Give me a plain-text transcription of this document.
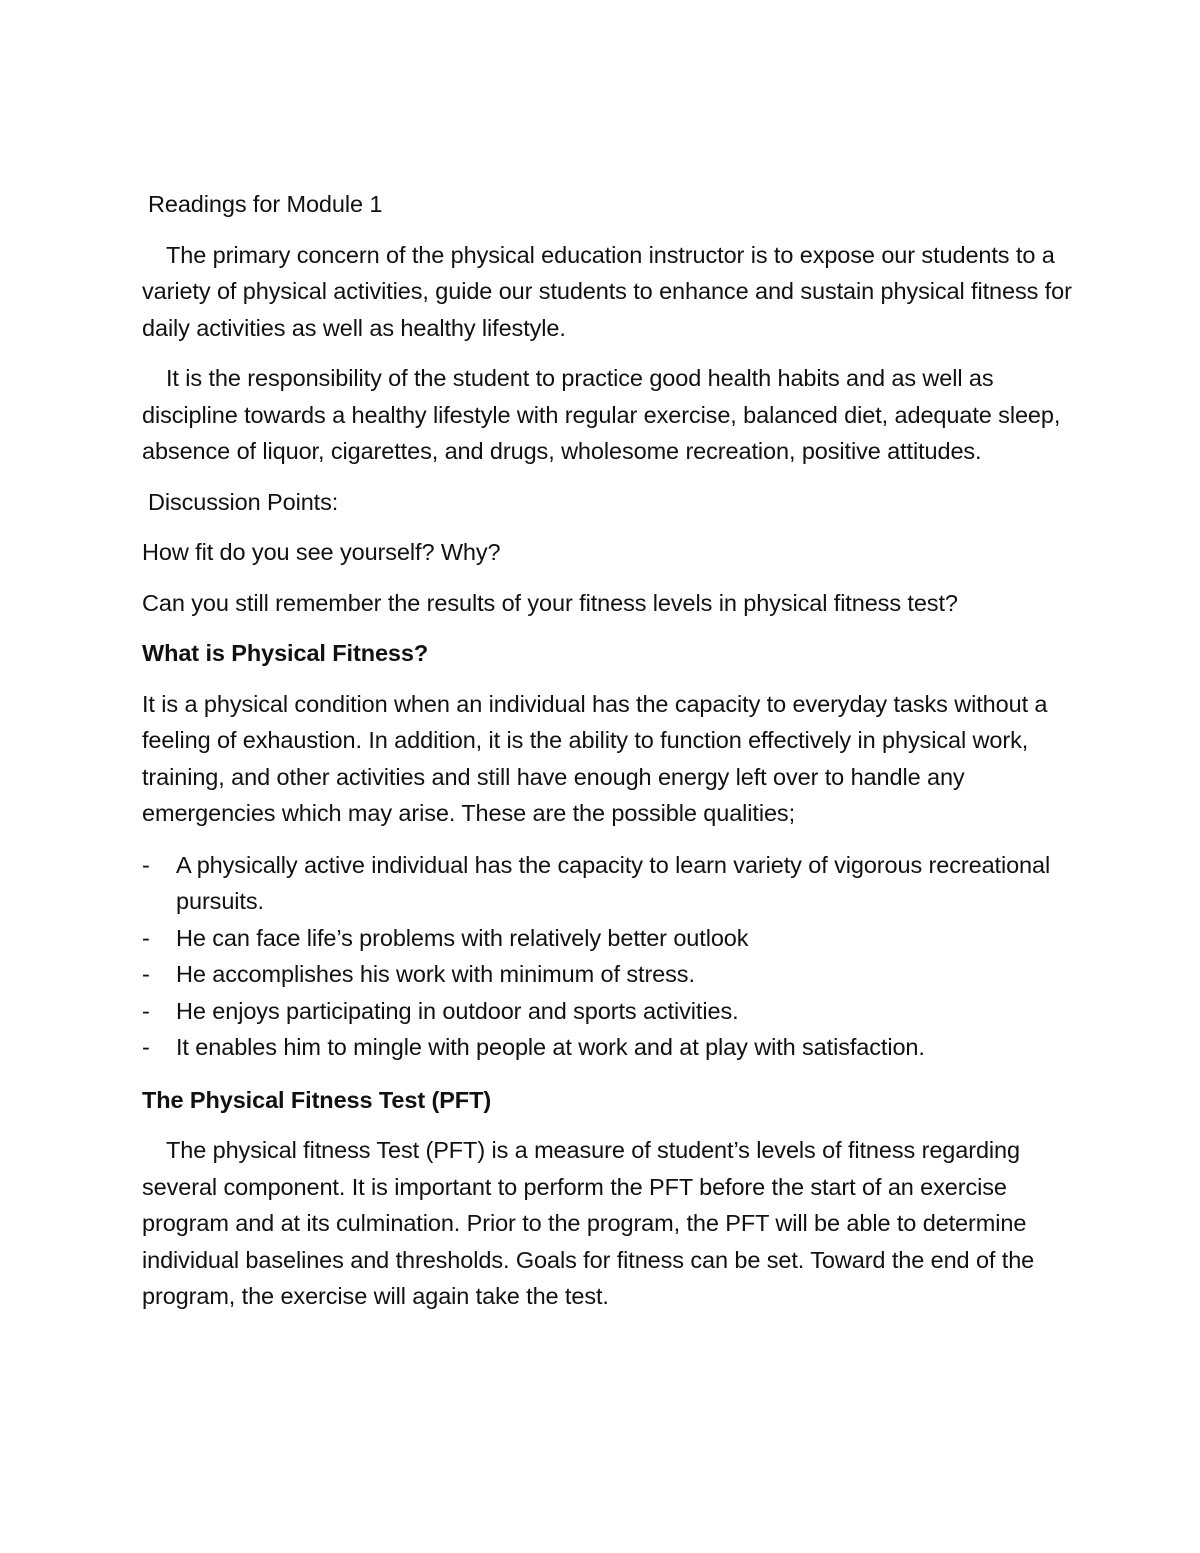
Readings for Module 1

The primary concern of the physical education instructor is to expose our students to a variety of physical activities, guide our students to enhance and sustain physical fitness for daily activities as well as healthy lifestyle.

It is the responsibility of the student to practice good health habits and as well as discipline towards a healthy lifestyle with regular exercise, balanced diet, adequate sleep, absence of liquor, cigarettes, and drugs, wholesome recreation, positive attitudes.

Discussion Points:

How fit do you see yourself? Why?

Can you still remember the results of your fitness levels in physical fitness test?

What is Physical Fitness?

It is a physical condition when an individual has the capacity to everyday tasks without a feeling of exhaustion. In addition, it is the ability to function effectively in physical work, training, and other activities and still have enough energy left over to handle any emergencies which may arise. These are the possible qualities;

- A physically active individual has the capacity to learn variety of vigorous recreational pursuits.
- He can face life’s problems with relatively better outlook
- He accomplishes his work with minimum of stress.
- He enjoys participating in outdoor and sports activities.
- It enables him to mingle with people at work and at play with satisfaction.

The Physical Fitness Test (PFT)

The physical fitness Test (PFT) is a measure of student’s levels of fitness regarding several component. It is important to perform the PFT before the start of an exercise program and at its culmination. Prior to the program, the PFT will be able to determine individual baselines and thresholds. Goals for fitness can be set. Toward the end of the program, the exercise will again take the test.
